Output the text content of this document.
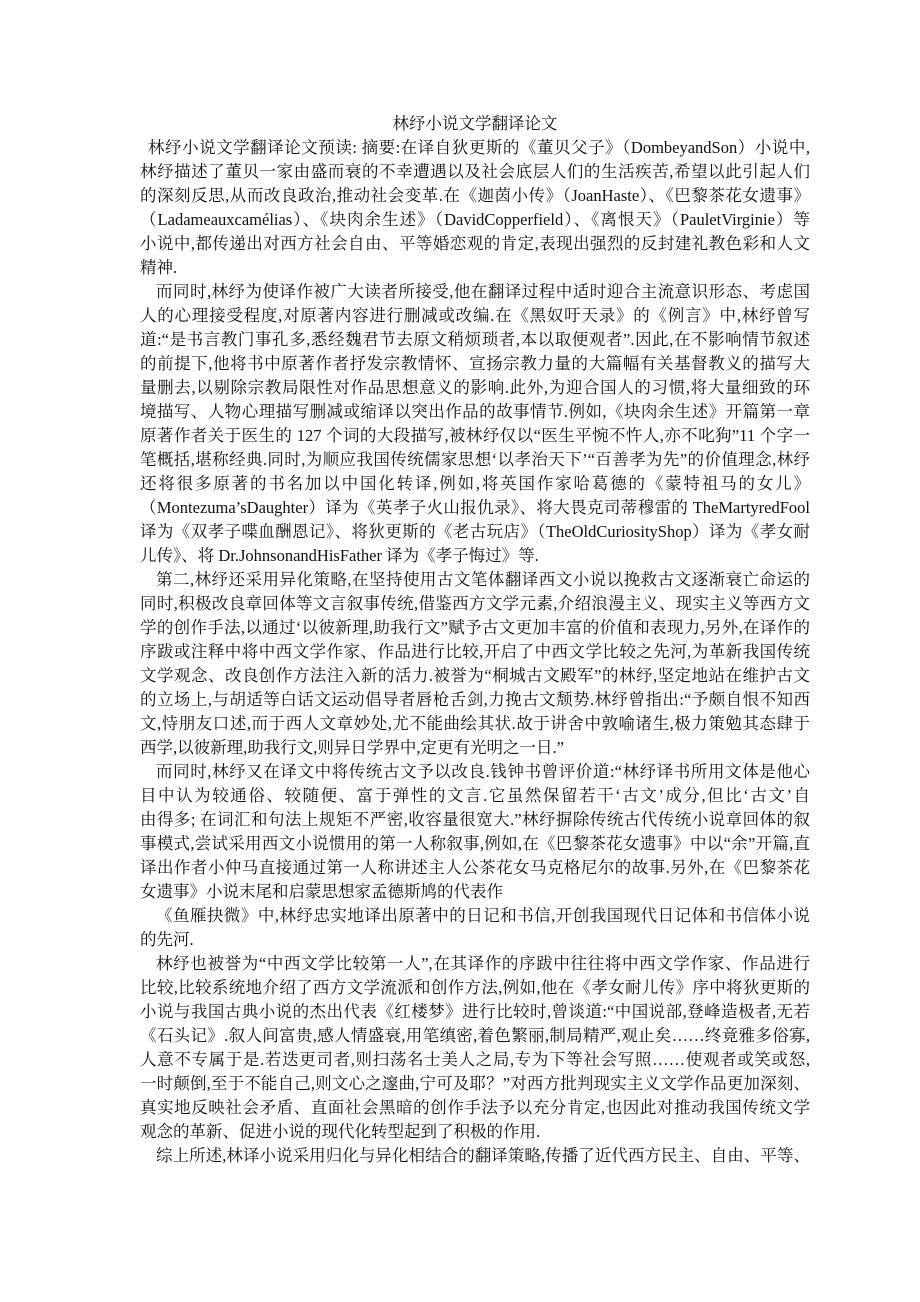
林纾小说文学翻译论文
林纾小说文学翻译论文预读: 摘要:在译自狄更斯的《董贝父子》（DombeyandSon）小说中,
林纾描述了董贝一家由盛而衰的不幸遭遇以及社会底层人们的生活疾苦,希望以此引起人们
的深刻反思,从而改良政治,推动社会变革.在《迦茵小传》（JoanHaste）、《巴黎茶花女遗事》
（Ladameauxcamélias）、《块肉余生述》（DavidCopperfield）、《离恨天》（PauletVirginie）等
小说中,都传递出对西方社会自由、平等婚恋观的肯定,表现出强烈的反封建礼教色彩和人文
精神.
而同时,林纾为使译作被广大读者所接受,他在翻译过程中适时迎合主流意识形态、考虑国
人的心理接受程度,对原著内容进行删减或改编.在《黑奴吁天录》的《例言》中,林纾曾写
道:“是书言教门事孔多,悉经魏君节去原文稍烦琐者,本以取便观者”.因此,在不影响情节叙述
的前提下,他将书中原著作者抒发宗教情怀、宣扬宗教力量的大篇幅有关基督教义的描写大
量删去,以剔除宗教局限性对作品思想意义的影响.此外,为迎合国人的习惯,将大量细致的环
境描写、人物心理描写删减或缩译以突出作品的故事情节.例如,《块肉余生述》开篇第一章
原著作者关于医生的 127 个词的大段描写,被林纾仅以“医生平惋不忤人,亦不叱狗”11 个字一
笔概括,堪称经典.同时,为顺应我国传统儒家思想‘以孝治天下’“百善孝为先”的价值理念,林纾
还将很多原著的书名加以中国化转译,例如,将英国作家哈葛德的《蒙特祖马的女儿》
（Montezuma’sDaughter）译为《英孝子火山报仇录》、将大畏克司蒂穆雷的 TheMartyredFool
译为《双孝子喋血酬恩记》、将狄更斯的《老古玩店》（TheOldCuriosityShop）译为《孝女耐
儿传》、将 Dr.JohnsonandHisFather 译为《孝子悔过》等.
第二,林纾还采用异化策略,在坚持使用古文笔体翻译西文小说以挽救古文逐渐衰亡命运的
同时,积极改良章回体等文言叙事传统,借鉴西方文学元素,介绍浪漫主义、现实主义等西方文
学的创作手法,以通过‘以彼新理,助我行文”赋予古文更加丰富的价值和表现力,另外,在译作的
序跋或注释中将中西文学作家、作品进行比较,开启了中西文学比较之先河,为革新我国传统
文学观念、改良创作方法注入新的活力.被誉为“桐城古文殿军”的林纾,坚定地站在维护古文
的立场上,与胡适等白话文运动倡导者唇枪舌剑,力挽古文颓势.林纾曾指出:“予颇自恨不知西
文,恃朋友口述,而于西人文章妙处,尤不能曲绘其状.故于讲舍中敦喻诸生,极力策勉其态肆于
西学,以彼新理,助我行文,则异日学界中,定更有光明之一日.”
而同时,林纾又在译文中将传统古文予以改良.钱钟书曾评价道:“林纾译书所用文体是他心
目中认为较通俗、较随便、富于弹性的文言.它虽然保留若干‘古文’成分,但比‘古文’自
由得多; 在词汇和句法上规矩不严密,收容量很宽大.”林纾摒除传统古代传统小说章回体的叙
事模式,尝试采用西文小说惯用的第一人称叙事,例如,在《巴黎茶花女遗事》中以“余”开篇,直
译出作者小仲马直接通过第一人称讲述主人公茶花女马克格尼尔的故事.另外,在《巴黎茶花
女遗事》小说末尾和启蒙思想家孟德斯鸠的代表作
《鱼雁抉微》中,林纾忠实地译出原著中的日记和书信,开创我国现代日记体和书信体小说
的先河.
林纾也被誉为“中西文学比较第一人”,在其译作的序跋中往往将中西文学作家、作品进行
比较,比较系统地介绍了西方文学流派和创作方法,例如,他在《孝女耐儿传》序中将狄更斯的
小说与我国古典小说的杰出代表《红楼梦》进行比较时,曾谈道:“中国说部,登峰造极者,无若
《石头记》.叙人间富贵,感人情盛衰,用笔缜密,着色繁丽,制局精严,观止矣……终竟雅多俗寡,
人意不专属于是.若迭更司者,则扫荡名士美人之局,专为下等社会写照……使观者或笑或怒,
一时颠倒,至于不能自己,则文心之邃曲,宁可及耶？”对西方批判现实主义文学作品更加深刻、
真实地反映社会矛盾、直面社会黑暗的创作手法予以充分肯定,也因此对推动我国传统文学
观念的革新、促进小说的现代化转型起到了积极的作用.
综上所述,林译小说采用归化与异化相结合的翻译策略,传播了近代西方民主、自由、平等、
